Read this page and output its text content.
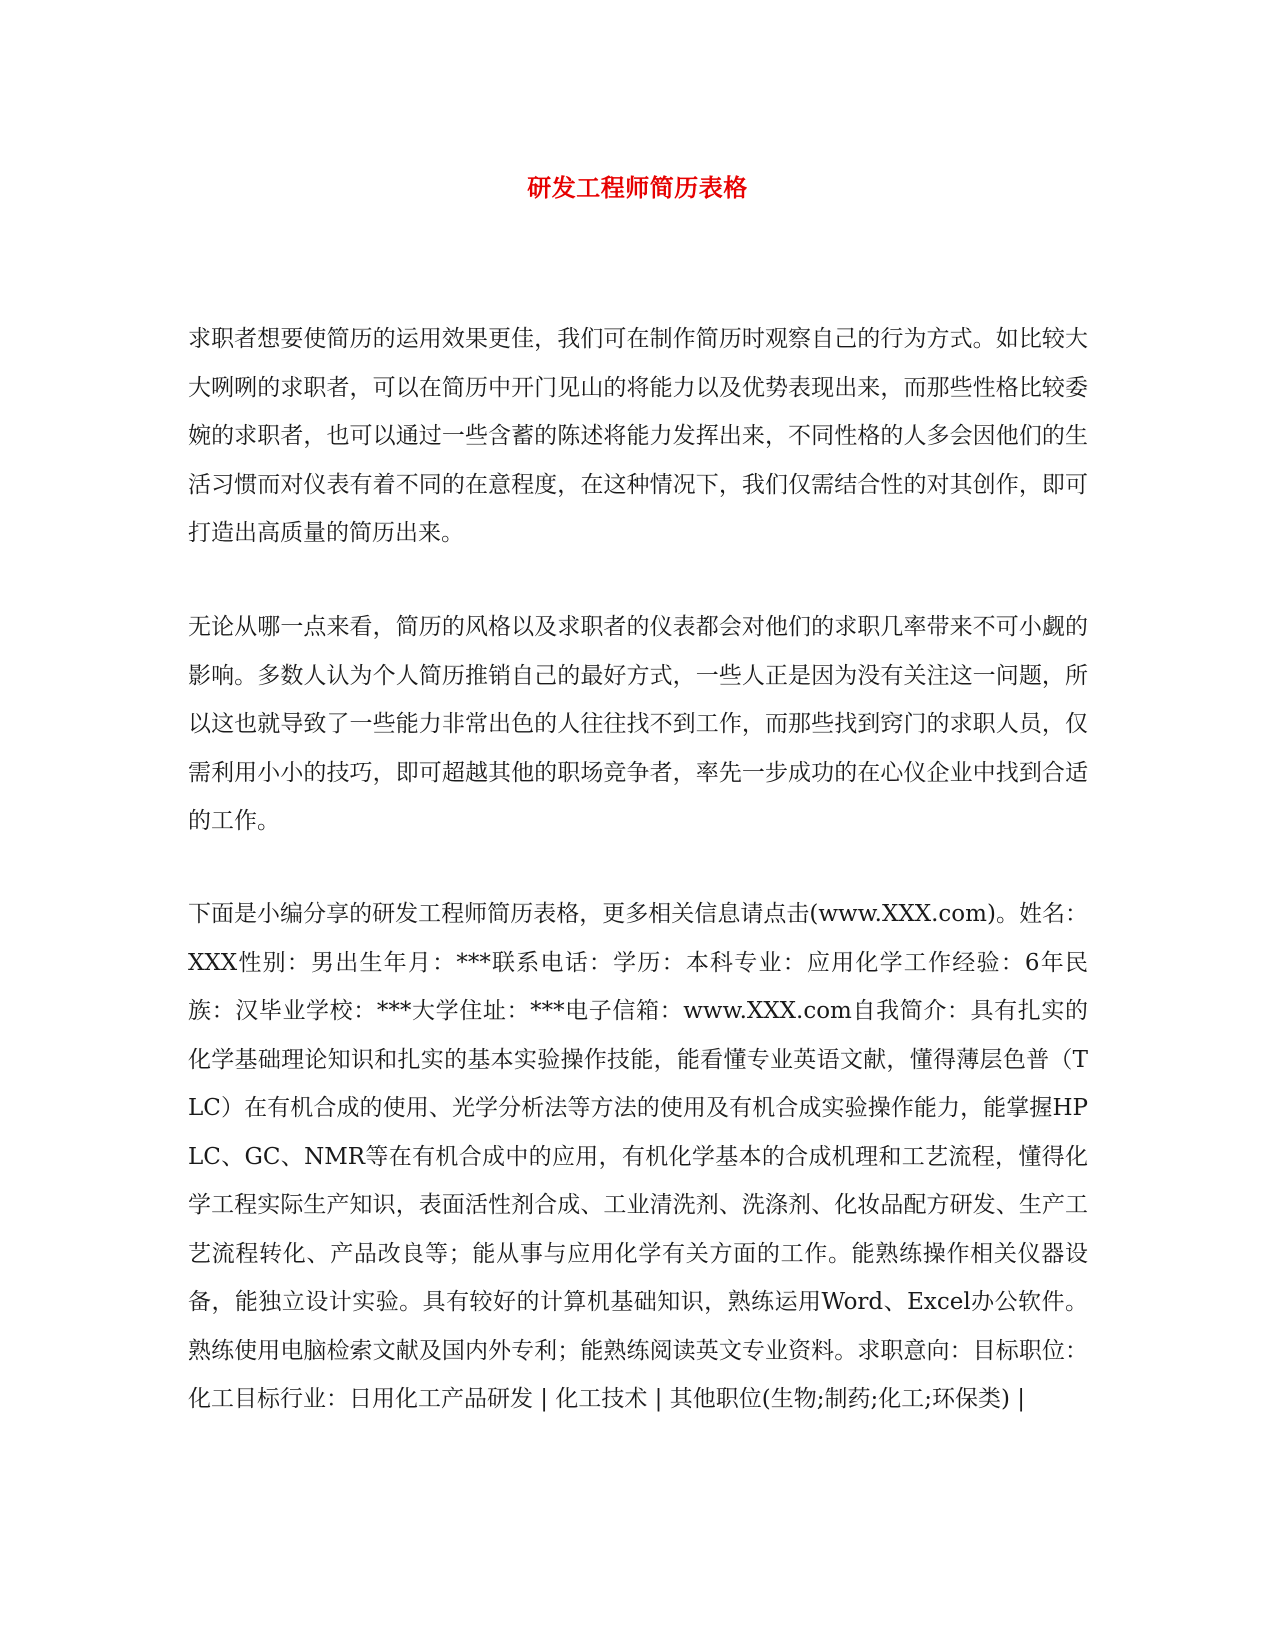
研发工程师简历表格

求职者想要使简历的运用效果更佳，我们可在制作简历时观察自己的行为方式。如比较大大咧咧的求职者，可以在简历中开门见山的将能力以及优势表现出来，而那些性格比较委婉的求职者，也可以通过一些含蓄的陈述将能力发挥出来，不同性格的人多会因他们的生活习惯而对仪表有着不同的在意程度，在这种情况下，我们仅需结合性的对其创作，即可打造出高质量的简历出来。

无论从哪一点来看，简历的风格以及求职者的仪表都会对他们的求职几率带来不可小觑的影响。多数人认为个人简历推销自己的最好方式，一些人正是因为没有关注这一问题，所以这也就导致了一些能力非常出色的人往往找不到工作，而那些找到窍门的求职人员，仅需利用小小的技巧，即可超越其他的职场竞争者，率先一步成功的在心仪企业中找到合适的工作。

下面是小编分享的研发工程师简历表格，更多相关信息请点击(www.XXX.com)。姓名：XXX性别：男出生年月：***联系电话：学历：本科专业：应用化学工作经验：6年民族：汉毕业学校：***大学住址：***电子信箱：www.XXX.com自我简介：具有扎实的化学基础理论知识和扎实的基本实验操作技能，能看懂专业英语文献，懂得薄层色普（TLC）在有机合成的使用、光学分析法等方法的使用及有机合成实验操作能力，能掌握HPLC、GC、NMR等在有机合成中的应用，有机化学基本的合成机理和工艺流程，懂得化学工程实际生产知识，表面活性剂合成、工业清洗剂、洗涤剂、化妆品配方研发、生产工艺流程转化、产品改良等；能从事与应用化学有关方面的工作。能熟练操作相关仪器设备，能独立设计实验。具有较好的计算机基础知识，熟练运用Word、Excel办公软件。熟练使用电脑检索文献及国内外专利；能熟练阅读英文专业资料。求职意向：目标职位：化工目标行业：日用化工产品研发 | 化工技术 | 其他职位(生物;制药;化工;环保类) |
